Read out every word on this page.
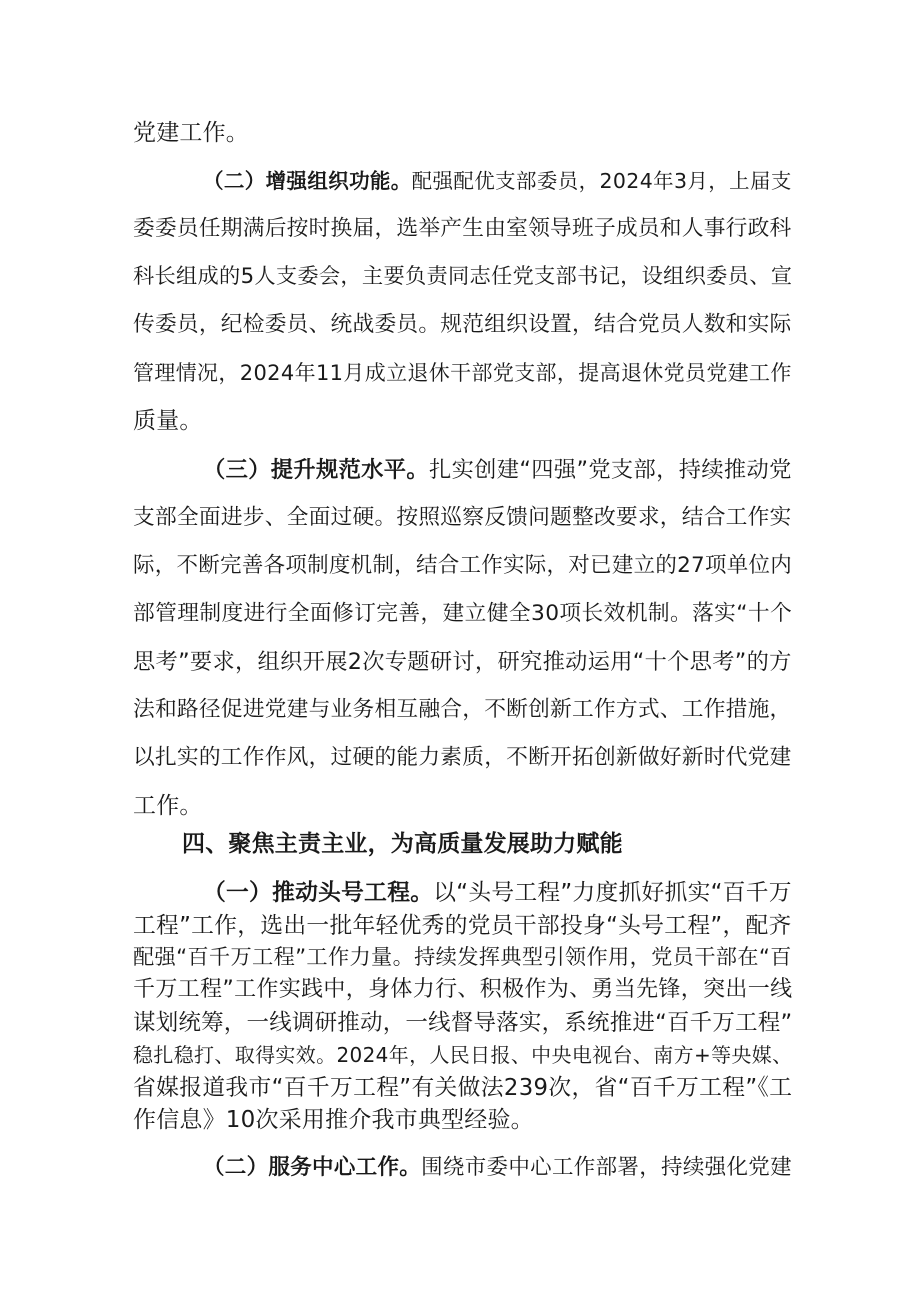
党建工作。
（二）增强组织功能。配强配优支部委员，2024年3月，上届支
委委员任期满后按时换届，选举产生由室领导班子成员和人事行政科
科长组成的5人支委会，主要负责同志任党支部书记，设组织委员、宣
传委员，纪检委员、统战委员。规范组织设置，结合党员人数和实际
管理情况，2024年11月成立退休干部党支部，提高退休党员党建工作
质量。
（三）提升规范水平。扎实创建“四强”党支部，持续推动党
支部全面进步、全面过硬。按照巡察反馈问题整改要求，结合工作实
际，不断完善各项制度机制，结合工作实际，对已建立的27项单位内
部管理制度进行全面修订完善，建立健全30项长效机制。落实“十个
思考”要求，组织开展2次专题研讨，研究推动运用“十个思考”的方
法和路径促进党建与业务相互融合，不断创新工作方式、工作措施，
以扎实的工作作风，过硬的能力素质，不断开拓创新做好新时代党建
工作。
四、聚焦主责主业，为高质量发展助力赋能
（一）推动头号工程。以“头号工程”力度抓好抓实“百千万
工程”工作，选出一批年轻优秀的党员干部投身“头号工程”，配齐
配强“百千万工程”工作力量。持续发挥典型引领作用，党员干部在“百
千万工程”工作实践中，身体力行、积极作为、勇当先锋，突出一线
谋划统筹，一线调研推动，一线督导落实，系统推进“百千万工程”
稳扎稳打、取得实效。2024年，人民日报、中央电视台、南方+等央媒、
省媒报道我市“百千万工程”有关做法239次，省“百千万工程”《工
作信息》10次采用推介我市典型经验。
（二）服务中心工作。围绕市委中心工作部署，持续强化党建
